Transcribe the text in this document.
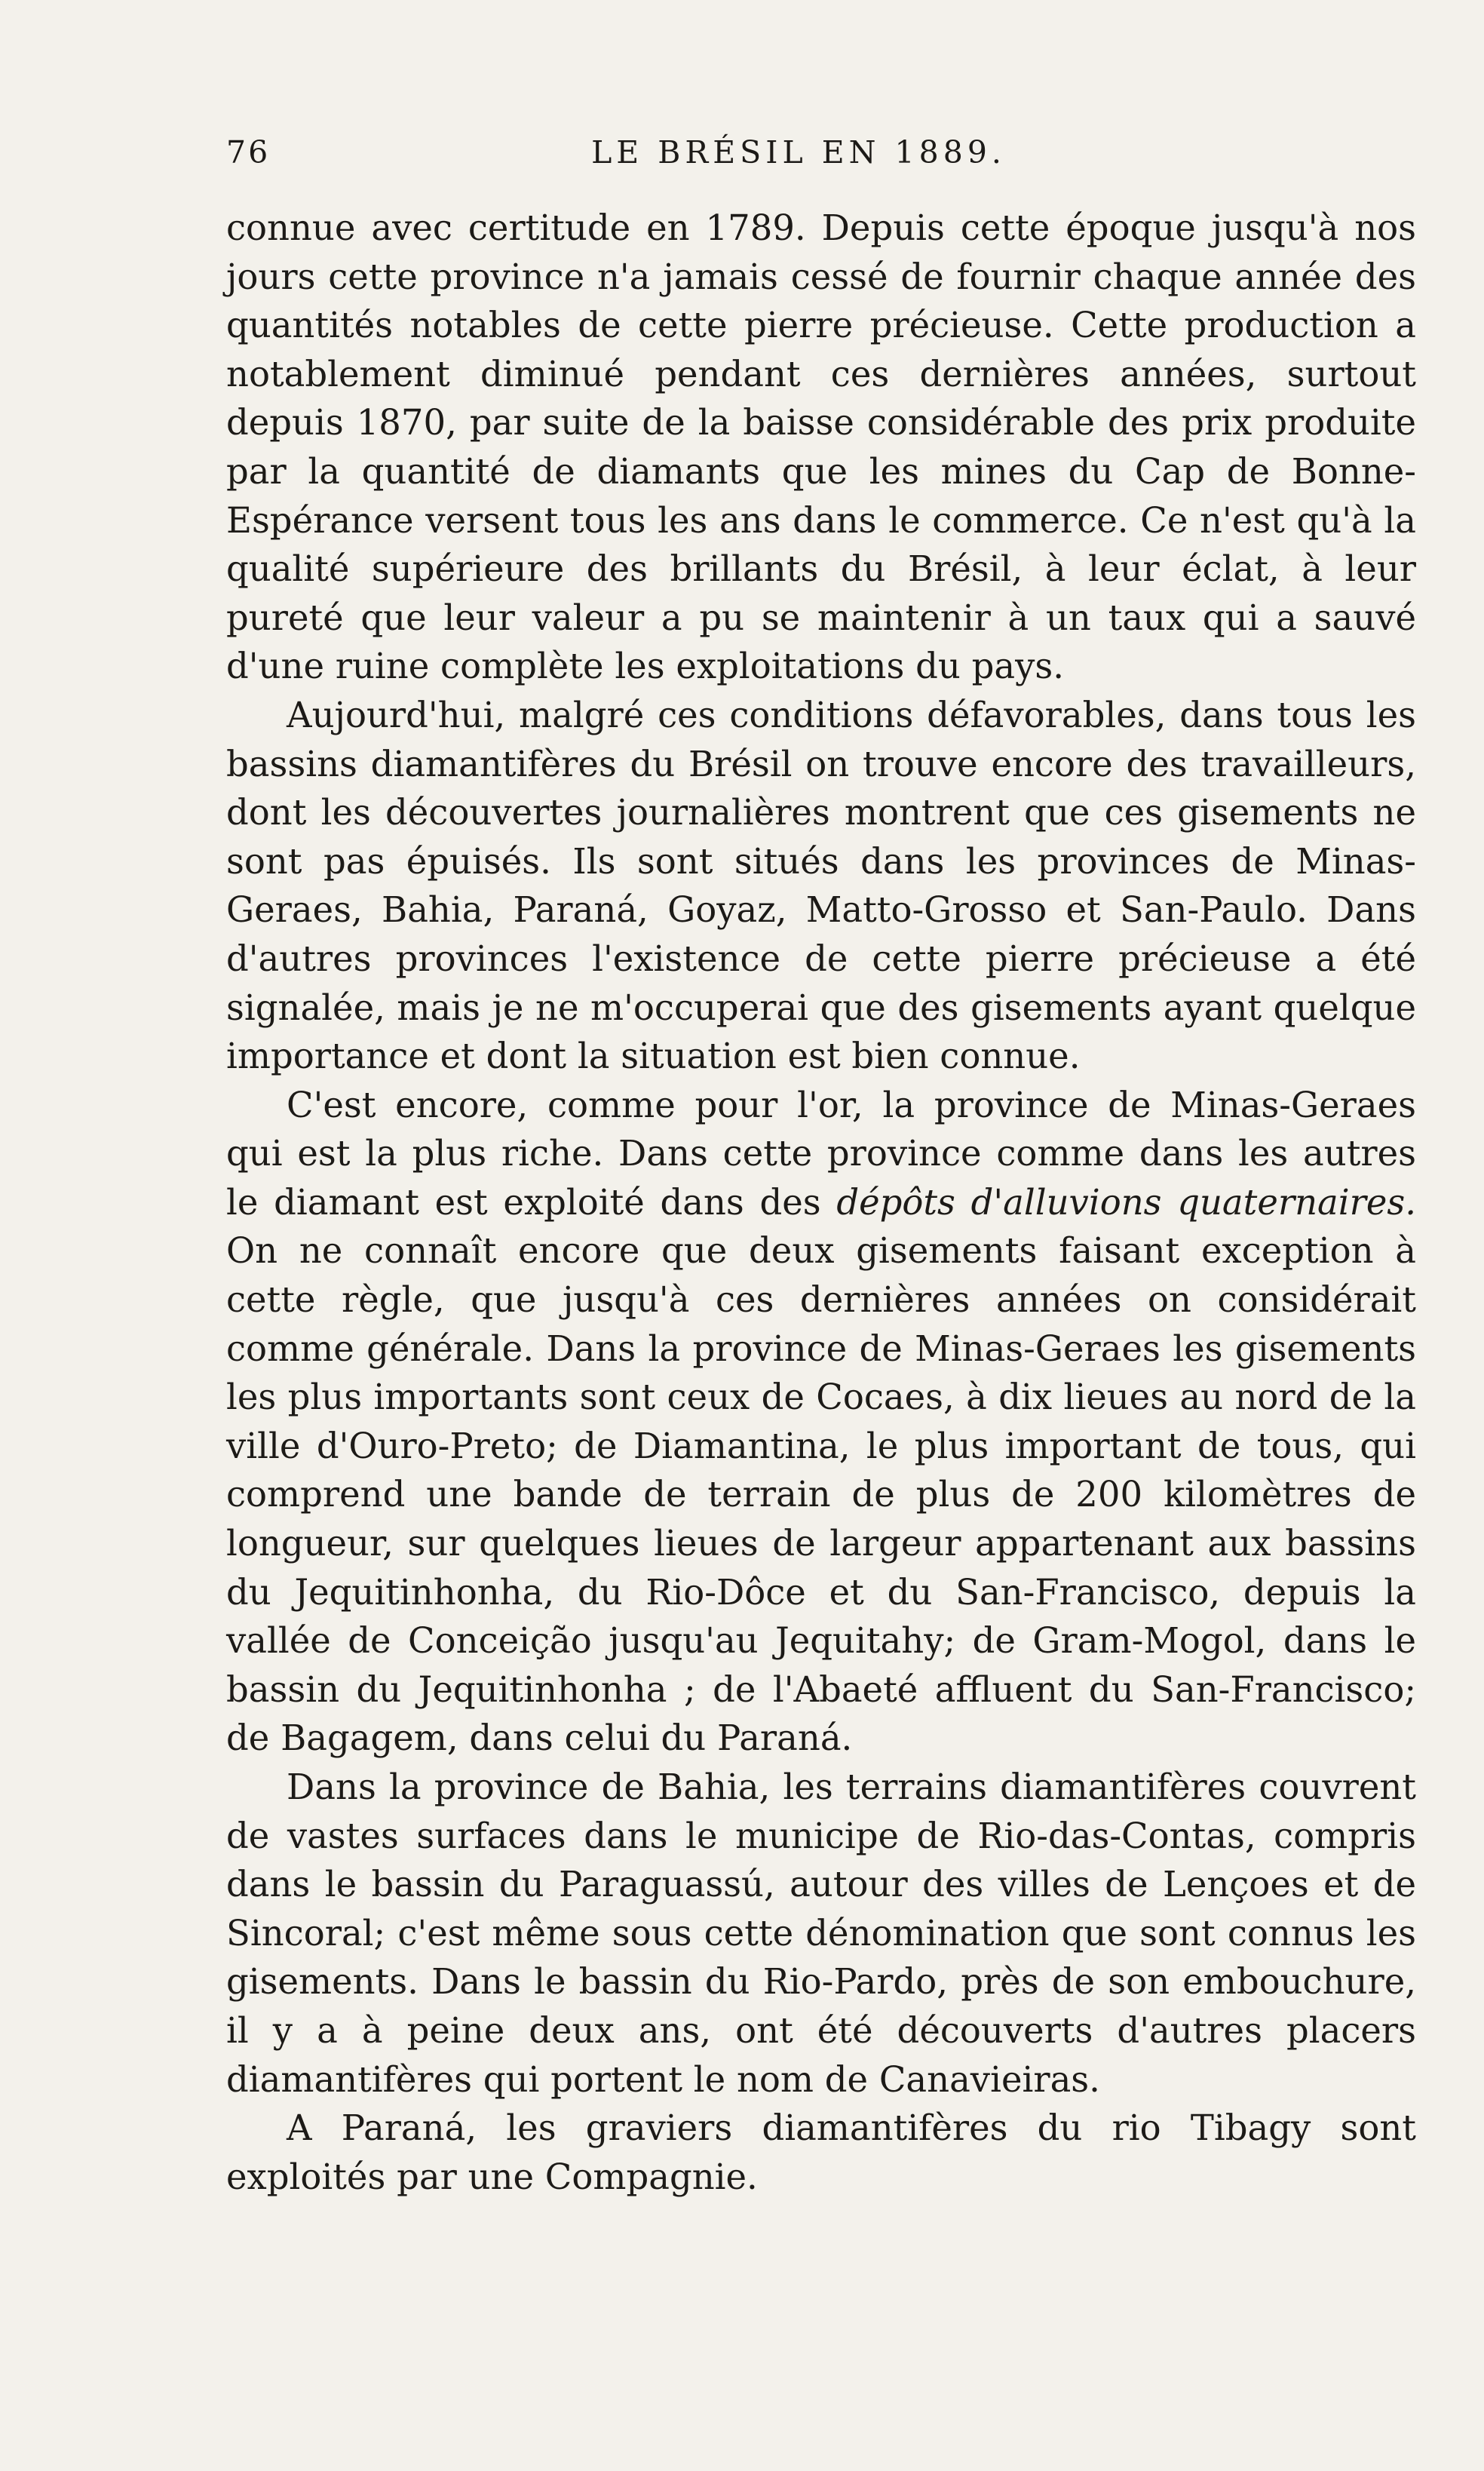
76	LE BRÉSIL EN 1889.

connue avec certitude en 1789. Depuis cette époque jusqu'à nos jours cette province n'a jamais cessé de fournir chaque année des quantités notables de cette pierre précieuse. Cette production a notablement diminué pendant ces dernières années, surtout depuis 1870, par suite de la baisse considérable des prix produite par la quantité de diamants que les mines du Cap de Bonne-Espérance versent tous les ans dans le commerce. Ce n'est qu'à la qualité supérieure des brillants du Brésil, à leur éclat, à leur pureté que leur valeur a pu se maintenir à un taux qui a sauvé d'une ruine complète les exploitations du pays.

Aujourd'hui, malgré ces conditions défavorables, dans tous les bassins diamantifères du Brésil on trouve encore des travailleurs, dont les découvertes journalières montrent que ces gisements ne sont pas épuisés. Ils sont situés dans les provinces de Minas-Geraes, Bahia, Paraná, Goyaz, Matto-Grosso et San-Paulo. Dans d'autres provinces l'existence de cette pierre précieuse a été signalée, mais je ne m'occuperai que des gisements ayant quelque importance et dont la situation est bien connue.

C'est encore, comme pour l'or, la province de Minas-Geraes qui est la plus riche. Dans cette province comme dans les autres le diamant est exploité dans des dépôts d'alluvions quaternaires. On ne connaît encore que deux gisements faisant exception à cette règle, que jusqu'à ces dernières années on considérait comme générale. Dans la province de Minas-Geraes les gisements les plus importants sont ceux de Cocaes, à dix lieues au nord de la ville d'Ouro-Preto; de Diamantina, le plus important de tous, qui comprend une bande de terrain de plus de 200 kilomètres de longueur, sur quelques lieues de largeur appartenant aux bassins du Jequitinhonha, du Rio-Dôce et du San-Francisco, depuis la vallée de Conceição jusqu'au Jequitahy; de Gram-Mogol, dans le bassin du Jequitinhonha ; de l'Abaeté affluent du San-Francisco; de Bagagem, dans celui du Paraná.

Dans la province de Bahia, les terrains diamantifères couvrent de vastes surfaces dans le municipe de Rio-das-Contas, compris dans le bassin du Paraguassú, autour des villes de Lençoes et de Sincoral; c'est même sous cette dénomination que sont connus les gisements. Dans le bassin du Rio-Pardo, près de son embouchure, il y a à peine deux ans, ont été découverts d'autres placers diamantifères qui portent le nom de Canavieiras.

A Paraná, les graviers diamantifères du rio Tibagy sont exploités par une Compagnie.
